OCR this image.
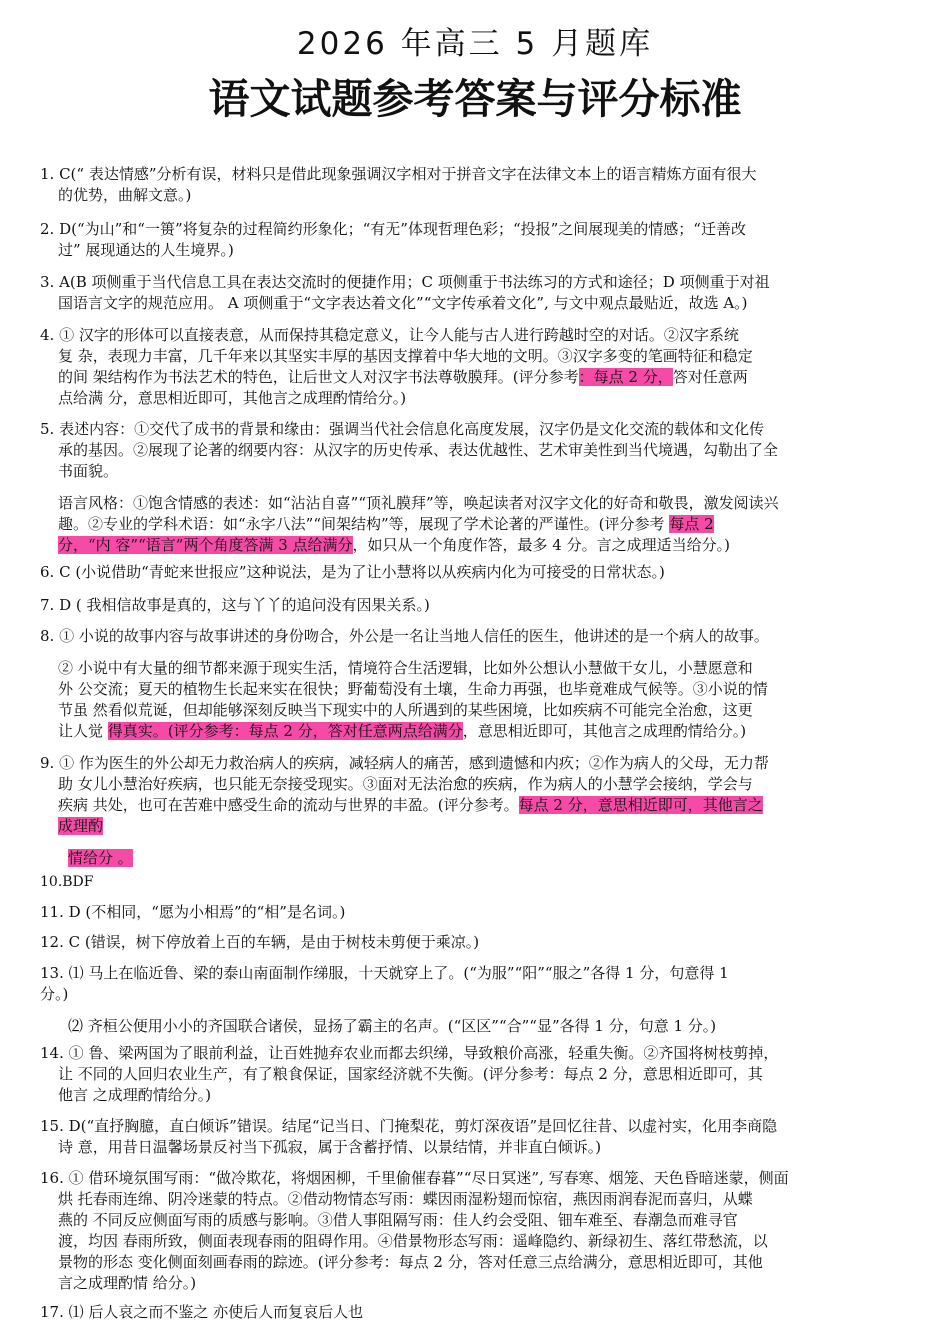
2026 年高三 5 月题库
语文试题参考答案与评分标准
1. C(“ 表达情感”分析有误，材料只是借此现象强调汉字相对于拼音文字在法律文本上的语言精炼方面有很大
的优势，曲解文意。)
2. D(“为山”和“一篑”将复杂的过程简约形象化；“有无”体现哲理色彩；“投报”之间展现美的情感；“迁善改
过” 展现通达的人生境界。)
3. A(B 项侧重于当代信息工具在表达交流时的便捷作用；C 项侧重于书法练习的方式和途径；D 项侧重于对祖
国语言文字的规范应用。 A 项侧重于“文字表达着文化”“文字传承着文化”, 与文中观点最贴近，故选 A。)
4. ① 汉字的形体可以直接表意，从而保持其稳定意义，让今人能与古人进行跨越时空的对话。②汉字系统
复 杂，表现力丰富，几千年来以其坚实丰厚的基因支撑着中华大地的文明。③汉字多变的笔画特征和稳定
的间 架结构作为书法艺术的特色，让后世文人对汉字书法尊敬膜拜。(评分参考：每点 2 分，答对任意两
点给满 分，意思相近即可，其他言之成理酌情给分。)
5. 表述内容：①交代了成书的背景和缘由：强调当代社会信息化高度发展，汉字仍是文化交流的载体和文化传
承的基因。②展现了论著的纲要内容：从汉字的历史传承、表达优越性、艺术审美性到当代境遇，勾勒出了全
书面貌。
语言风格：①饱含情感的表述：如“沾沾自喜”“顶礼膜拜”等，唤起读者对汉字文化的好奇和敬畏，激发阅读兴
趣。②专业的学科术语：如“永字八法”“间架结构”等，展现了学术论著的严谨性。(评分参考 每点 2
分，“内 容”“语言”两个角度答满 3 点给满分，如只从一个角度作答，最多 4 分。言之成理适当给分。)
6. C (小说借助“青蛇来世报应”这种说法，是为了让小慧将以从疾病内化为可接受的日常状态。)
7. D ( 我相信故事是真的，这与丫丫的追问没有因果关系。)
8. ① 小说的故事内容与故事讲述的身份吻合，外公是一名让当地人信任的医生，他讲述的是一个病人的故事。
② 小说中有大量的细节都来源于现实生活，情境符合生活逻辑，比如外公想认小慧做干女儿，小慧愿意和
外 公交流；夏天的植物生长起来实在很快；野葡萄没有土壤，生命力再强，也毕竟难成气候等。③小说的情
节虽 然看似荒诞，但却能够深刻反映当下现实中的人所遇到的某些困境，比如疾病不可能完全治愈，这更
让人觉 得真实。(评分参考：每点 2 分，答对任意两点给满分，意思相近即可，其他言之成理酌情给分。)
9. ① 作为医生的外公却无力救治病人的疾病，减轻病人的痛苦，感到遗憾和内疚；②作为病人的父母，无力帮
助 女儿小慧治好疾病，也只能无奈接受现实。③面对无法治愈的疾病，作为病人的小慧学会接纳，学会与
疾病 共处，也可在苦难中感受生命的流动与世界的丰盈。(评分参考。每点 2 分，意思相近即可，其他言之
成理酌
情给分 。
10.BDF
11. D (不相同，“愿为小相焉”的“相”是名词。)
12. C (错误，树下停放着上百的车辆，是由于树枝未剪便于乘凉。)
13. ⑴ 马上在临近鲁、梁的泰山南面制作绨服，十天就穿上了。(“为服”“阳”“服之”各得 1 分，句意得 1
分。)
⑵ 齐桓公便用小小的齐国联合诸侯，显扬了霸主的名声。(“区区”“合”“显”各得 1 分，句意 1 分。)
14. ① 鲁、梁两国为了眼前利益，让百姓抛弃农业而都去织绨，导致粮价高涨，轻重失衡。②齐国将树枝剪掉，
让 不同的人回归农业生产，有了粮食保证，国家经济就不失衡。(评分参考：每点 2 分，意思相近即可，其
他言 之成理酌情给分。)
15. D(“直抒胸臆，直白倾诉”错误。结尾“记当日、门掩梨花，剪灯深夜语”是回忆往昔、以虚衬实，化用李商隐
诗 意，用昔日温馨场景反衬当下孤寂，属于含蓄抒情、以景结情，并非直白倾诉。)
16. ① 借环境氛围写雨：“做冷欺花，将烟困柳，千里偷催春暮”“尽日冥迷”, 写春寒、烟笼、天色昏暗迷蒙，侧面
烘 托春雨连绵、阴冷迷蒙的特点。②借动物情态写雨：蝶因雨湿粉翅而惊宿，燕因雨润春泥而喜归，从蝶
燕的 不同反应侧面写雨的质感与影响。③借人事阻隔写雨：佳人约会受阻、钿车难至、春潮急而难寻官
渡，均因 春雨所致，侧面表现春雨的阻碍作用。④借景物形态写雨：遥峰隐约、新绿初生、落红带愁流，以
景物的形态 变化侧面刻画春雨的踪迹。(评分参考：每点 2 分，答对任意三点给满分，意思相近即可，其他
言之成理酌情 给分。)
17. ⑴ 后人哀之而不鉴之 亦使后人而复哀后人也
